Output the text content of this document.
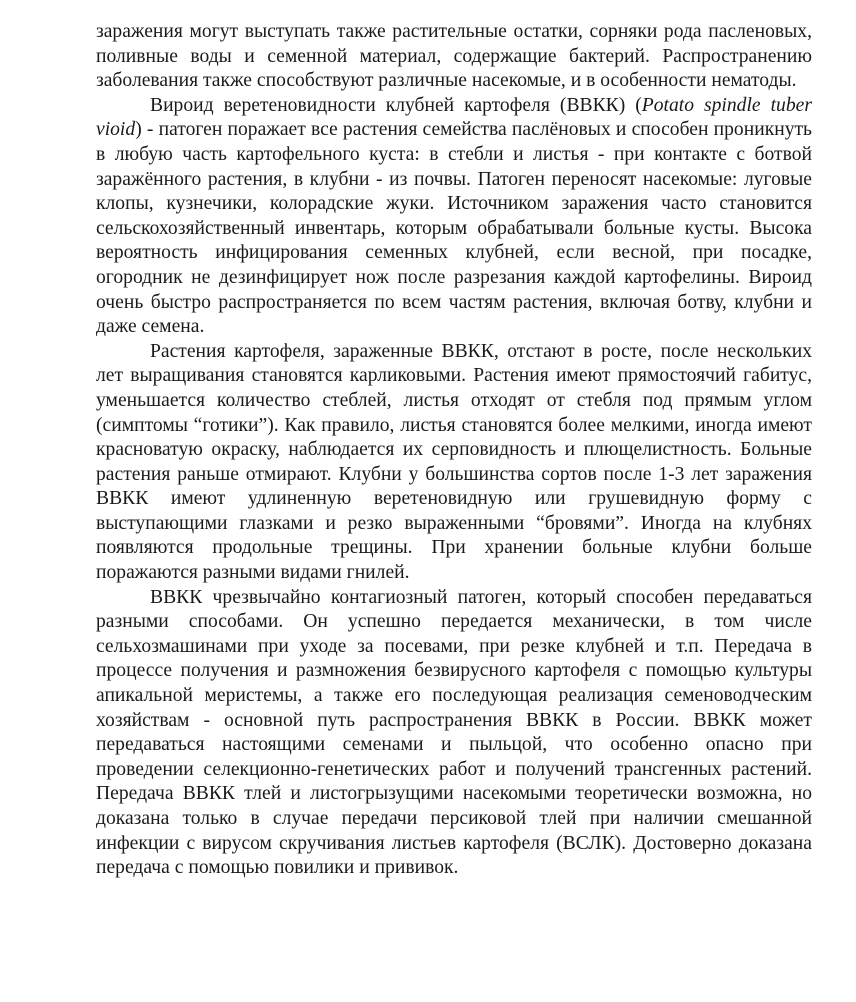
заражения могут выступать также растительные остатки, сорняки рода пасленовых, поливные воды и семенной материал, содержащие бактерий. Распространению заболевания также способствуют различные насекомые, и в особенности нематоды.

Вироид веретеновидности клубней картофеля (ВВКК) (Potato spindle tuber vioid) - патоген поражает все растения семейства паслёновых и способен проникнуть в любую часть картофельного куста: в стебли и листья - при контакте с ботвой заражённого растения, в клубни - из почвы. Патоген переносят насекомые: луговые клопы, кузнечики, колорадские жуки. Источником заражения часто становится сельскохозяйственный инвентарь, которым обрабатывали больные кусты. Высока вероятность инфицирования семенных клубней, если весной, при посадке, огородник не дезинфицирует нож после разрезания каждой картофелины. Вироид очень быстро распространяется по всем частям растения, включая ботву, клубни и даже семена.

Растения картофеля, зараженные ВВКК, отстают в росте, после нескольких лет выращивания становятся карликовыми. Растения имеют прямостоячий габитус, уменьшается количество стеблей, листья отходят от стебля под прямым углом (симптомы “готики”). Как правило, листья становятся более мелкими, иногда имеют красноватую окраску, наблюдается их серповидность и плющелистность. Больные растения раньше отмирают. Клубни у большинства сортов после 1-3 лет заражения ВВКК имеют удлиненную веретеновидную или грушевидную форму с выступающими глазками и резко выраженными “бровями”. Иногда на клубнях появляются продольные трещины. При хранении больные клубни больше поражаются разными видами гнилей.

ВВКК чрезвычайно контагиозный патоген, который способен передаваться разными способами. Он успешно передается механически, в том числе сельхозмашинами при уходе за посевами, при резке клубней и т.п. Передача в процессе получения и размножения безвирусного картофеля с помощью культуры апикальной меристемы, а также его последующая реализация семеноводческим хозяйствам - основной путь распространения ВВКК в России. ВВКК может передаваться настоящими семенами и пыльцой, что особенно опасно при проведении селекционно-генетических работ и получений трансгенных растений. Передача ВВКК тлей и листогрызущими насекомыми теоретически возможна, но доказана только в случае передачи персиковой тлей при наличии смешанной инфекции с вирусом скручивания листьев картофеля (ВСЛК). Достоверно доказана передача с помощью повилики и прививок.
